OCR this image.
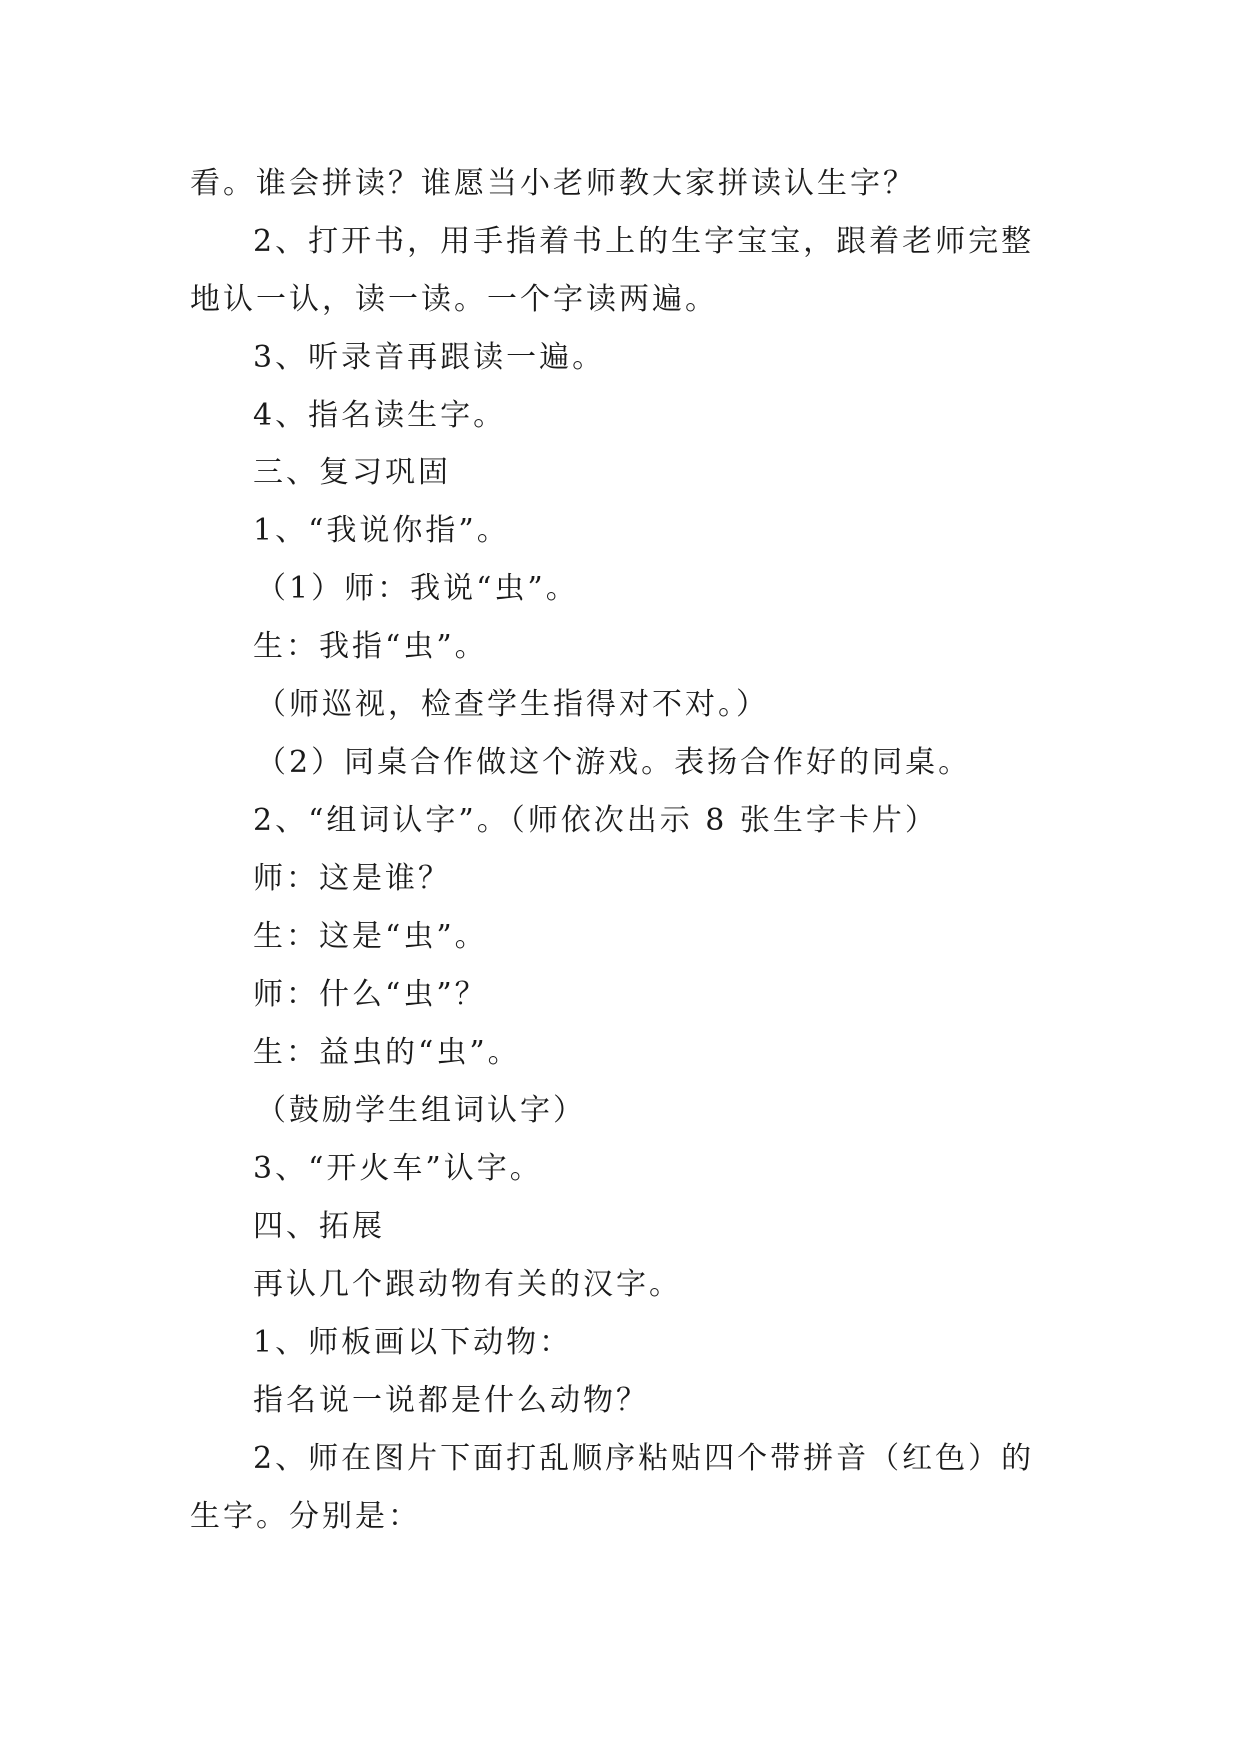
看。谁会拼读？谁愿当小老师教大家拼读认生字？
2、打开书，用手指着书上的生字宝宝，跟着老师完整
地认一认，读一读。一个字读两遍。
3、听录音再跟读一遍。
4、指名读生字。
三、复习巩固
1、“我说你指”。
（1）师：我说“虫”。
生：我指“虫”。
（师巡视，检查学生指得对不对。）
（2）同桌合作做这个游戏。表扬合作好的同桌。
2、“组词认字”。（师依次出示 8 张生字卡片）
师：这是谁？
生：这是“虫”。
师：什么“虫”？
生：益虫的“虫”。
（鼓励学生组词认字）
3、“开火车”认字。
四、拓展
再认几个跟动物有关的汉字。
1、师板画以下动物：
指名说一说都是什么动物？
2、师在图片下面打乱顺序粘贴四个带拼音（红色）的
生字。分别是：
